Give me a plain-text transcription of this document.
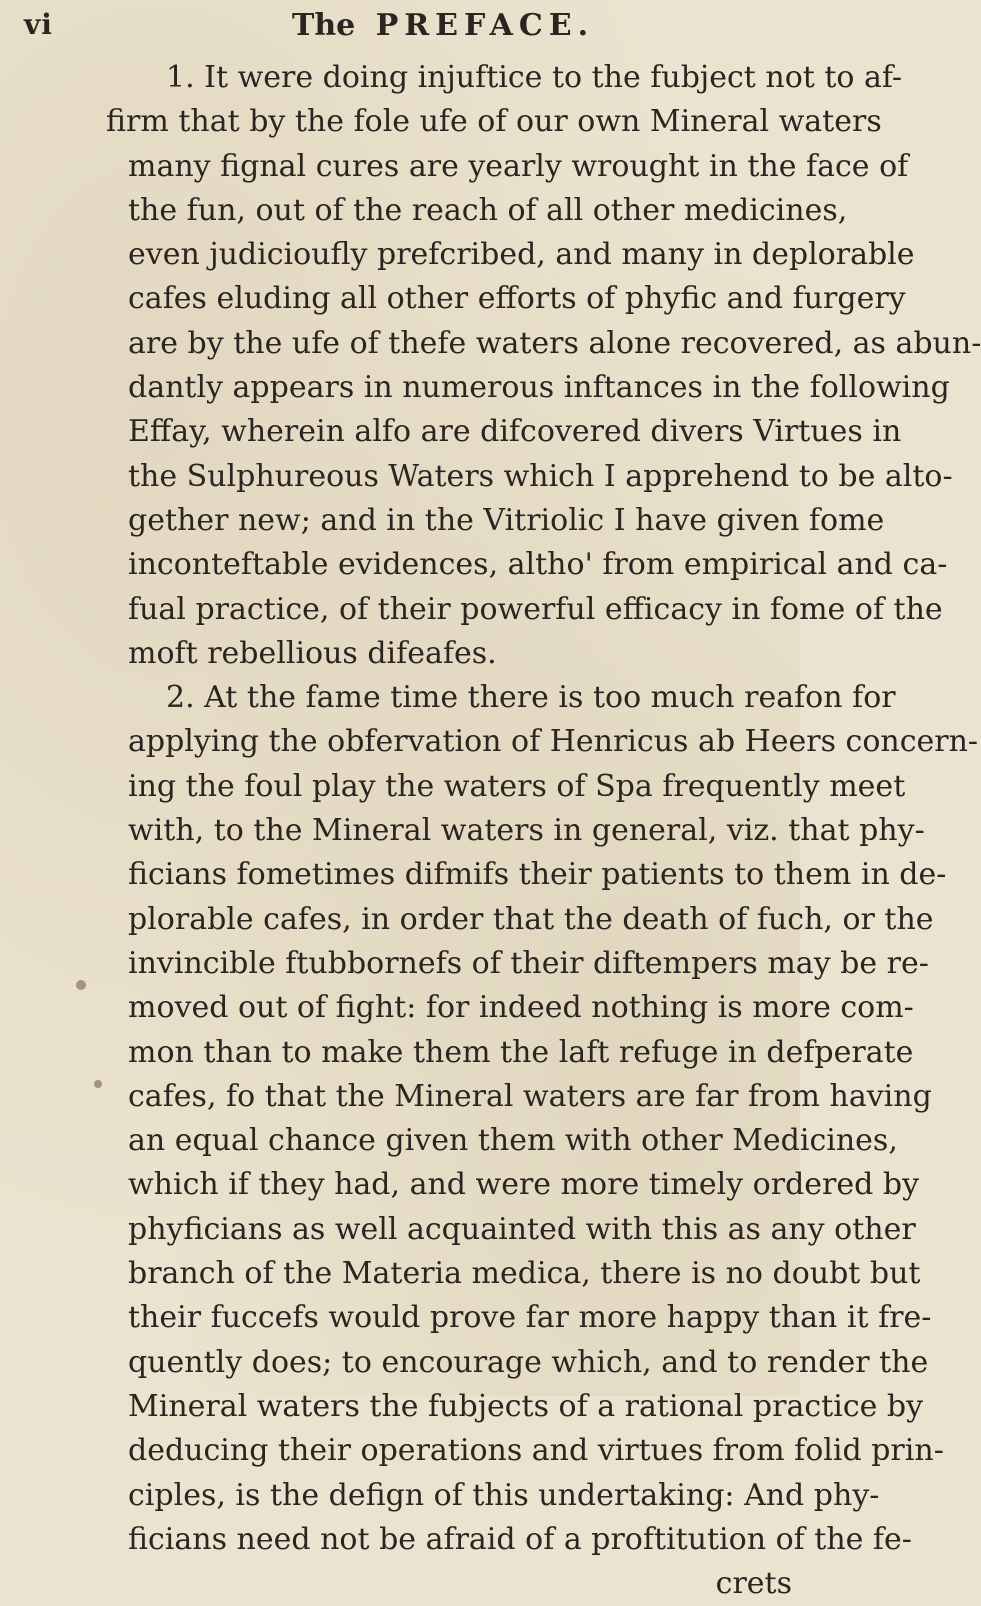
vi	The PREFACE.
1. It were doing injuftice to the fubject not to af-
firm that by the fole ufe of our own Mineral waters
many fignal cures are yearly wrought in the face of
the fun, out of the reach of all other medicines,
even judicioufly prefcribed, and many in deplorable
cafes eluding all other efforts of phyfic and furgery
are by the ufe of thefe waters alone recovered, as abun-
dantly appears in numerous inftances in the following
Effay, wherein alfo are difcovered divers Virtues in
the Sulphureous Waters which I apprehend to be alto-
gether new; and in the Vitriolic I have given fome
inconteftable evidences, altho' from empirical and ca-
fual practice, of their powerful efficacy in fome of the
moft rebellious difeafes.
2. At the fame time there is too much reafon for
applying the obfervation of Henricus ab Heers concern-
ing the foul play the waters of Spa frequently meet
with, to the Mineral waters in general, viz. that phy-
ficians fometimes difmifs their patients to them in de-
plorable cafes, in order that the death of fuch, or the
invincible ftubbornefs of their diftempers may be re-
moved out of fight: for indeed nothing is more com-
mon than to make them the laft refuge in defperate
cafes, fo that the Mineral waters are far from having
an equal chance given them with other Medicines,
which if they had, and were more timely ordered by
phyficians as well acquainted with this as any other
branch of the Materia medica, there is no doubt but
their fuccefs would prove far more happy than it fre-
quently does; to encourage which, and to render the
Mineral waters the fubjects of a rational practice by
deducing their operations and virtues from folid prin-
ciples, is the defign of this undertaking: And phy-
ficians need not be afraid of a proftitution of the fe-
crets
